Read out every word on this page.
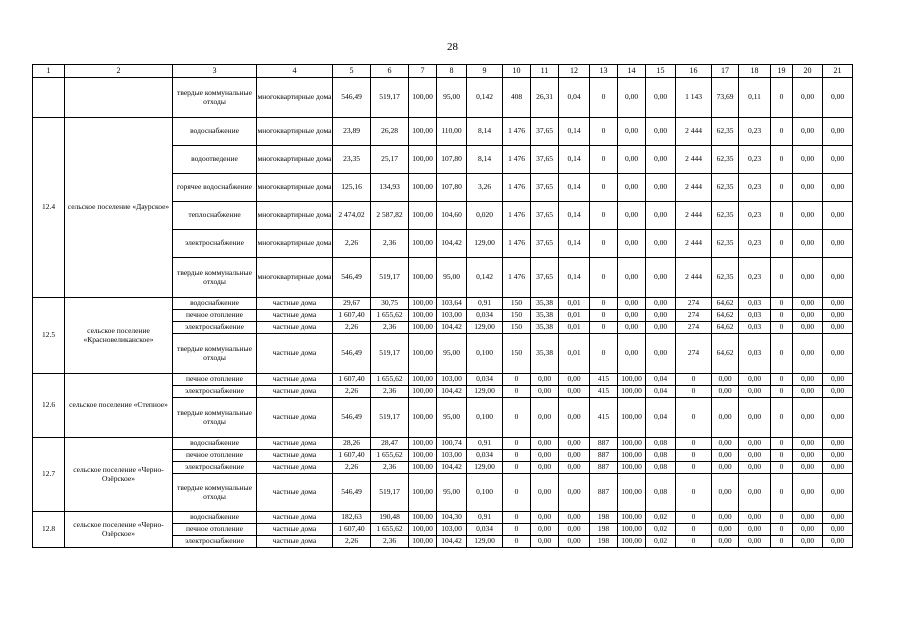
28
1	2	3	4	5	6	7	8	9	10	11	12	13	14	15	16	17	18	19	20	21
		твердые коммунальные отходы	многоквартирные дома	546,49	519,17	100,00	95,00	0,142	408	26,31	0,04	0	0,00	0,00	1 143	73,69	0,11	0	0,00	0,00
12.4	сельское поселение «Даурское»	водоснабжение	многоквартирные дома	23,89	26,28	100,00	110,00	8,14	1 476	37,65	0,14	0	0,00	0,00	2 444	62,35	0,23	0	0,00	0,00
		водоотведение	многоквартирные дома	23,35	25,17	100,00	107,80	8,14	1 476	37,65	0,14	0	0,00	0,00	2 444	62,35	0,23	0	0,00	0,00
		горячее водоснабжение	многоквартирные дома	125,16	134,93	100,00	107,80	3,26	1 476	37,65	0,14	0	0,00	0,00	2 444	62,35	0,23	0	0,00	0,00
		теплоснабжение	многоквартирные дома	2 474,02	2 587,82	100,00	104,60	0,020	1 476	37,65	0,14	0	0,00	0,00	2 444	62,35	0,23	0	0,00	0,00
		электроснабжение	многоквартирные дома	2,26	2,36	100,00	104,42	129,00	1 476	37,65	0,14	0	0,00	0,00	2 444	62,35	0,23	0	0,00	0,00
		твердые коммунальные отходы	многоквартирные дома	546,49	519,17	100,00	95,00	0,142	1 476	37,65	0,14	0	0,00	0,00	2 444	62,35	0,23	0	0,00	0,00
12.5	сельское поселение «Красновеликанское»	водоснабжение	частные дома	29,67	30,75	100,00	103,64	0,91	150	35,38	0,01	0	0,00	0,00	274	64,62	0,03	0	0,00	0,00
		печное отопление	частные дома	1 607,40	1 655,62	100,00	103,00	0,034	150	35,38	0,01	0	0,00	0,00	274	64,62	0,03	0	0,00	0,00
		электроснабжение	частные дома	2,26	2,36	100,00	104,42	129,00	150	35,38	0,01	0	0,00	0,00	274	64,62	0,03	0	0,00	0,00
		твердые коммунальные отходы	частные дома	546,49	519,17	100,00	95,00	0,100	150	35,38	0,01	0	0,00	0,00	274	64,62	0,03	0	0,00	0,00
12.6	сельское поселение «Степное»	печное отопление	частные дома	1 607,40	1 655,62	100,00	103,00	0,034	0	0,00	0,00	415	100,00	0,04	0	0,00	0,00	0	0,00	0,00
		электроснабжение	частные дома	2,26	2,36	100,00	104,42	129,00	0	0,00	0,00	415	100,00	0,04	0	0,00	0,00	0	0,00	0,00
		твердые коммунальные отходы	частные дома	546,49	519,17	100,00	95,00	0,100	0	0,00	0,00	415	100,00	0,04	0	0,00	0,00	0	0,00	0,00
12.7	сельское поселение «Черно-Озёрское»	водоснабжение	частные дома	28,26	28,47	100,00	100,74	0,91	0	0,00	0,00	887	100,00	0,08	0	0,00	0,00	0	0,00	0,00
		печное отопление	частные дома	1 607,40	1 655,62	100,00	103,00	0,034	0	0,00	0,00	887	100,00	0,08	0	0,00	0,00	0	0,00	0,00
		электроснабжение	частные дома	2,26	2,36	100,00	104,42	129,00	0	0,00	0,00	887	100,00	0,08	0	0,00	0,00	0	0,00	0,00
		твердые коммунальные отходы	частные дома	546,49	519,17	100,00	95,00	0,100	0	0,00	0,00	887	100,00	0,08	0	0,00	0,00	0	0,00	0,00
12.8	сельское поселение «Черно-Озёрское»	водоснабжение	частные дома	182,63	190,48	100,00	104,30	0,91	0	0,00	0,00	198	100,00	0,02	0	0,00	0,00	0	0,00	0,00
		печное отопление	частные дома	1 607,40	1 655,62	100,00	103,00	0,034	0	0,00	0,00	198	100,00	0,02	0	0,00	0,00	0	0,00	0,00
		электроснабжение	частные дома	2,26	2,36	100,00	104,42	129,00	0	0,00	0,00	198	100,00	0,02	0	0,00	0,00	0	0,00	0,00
